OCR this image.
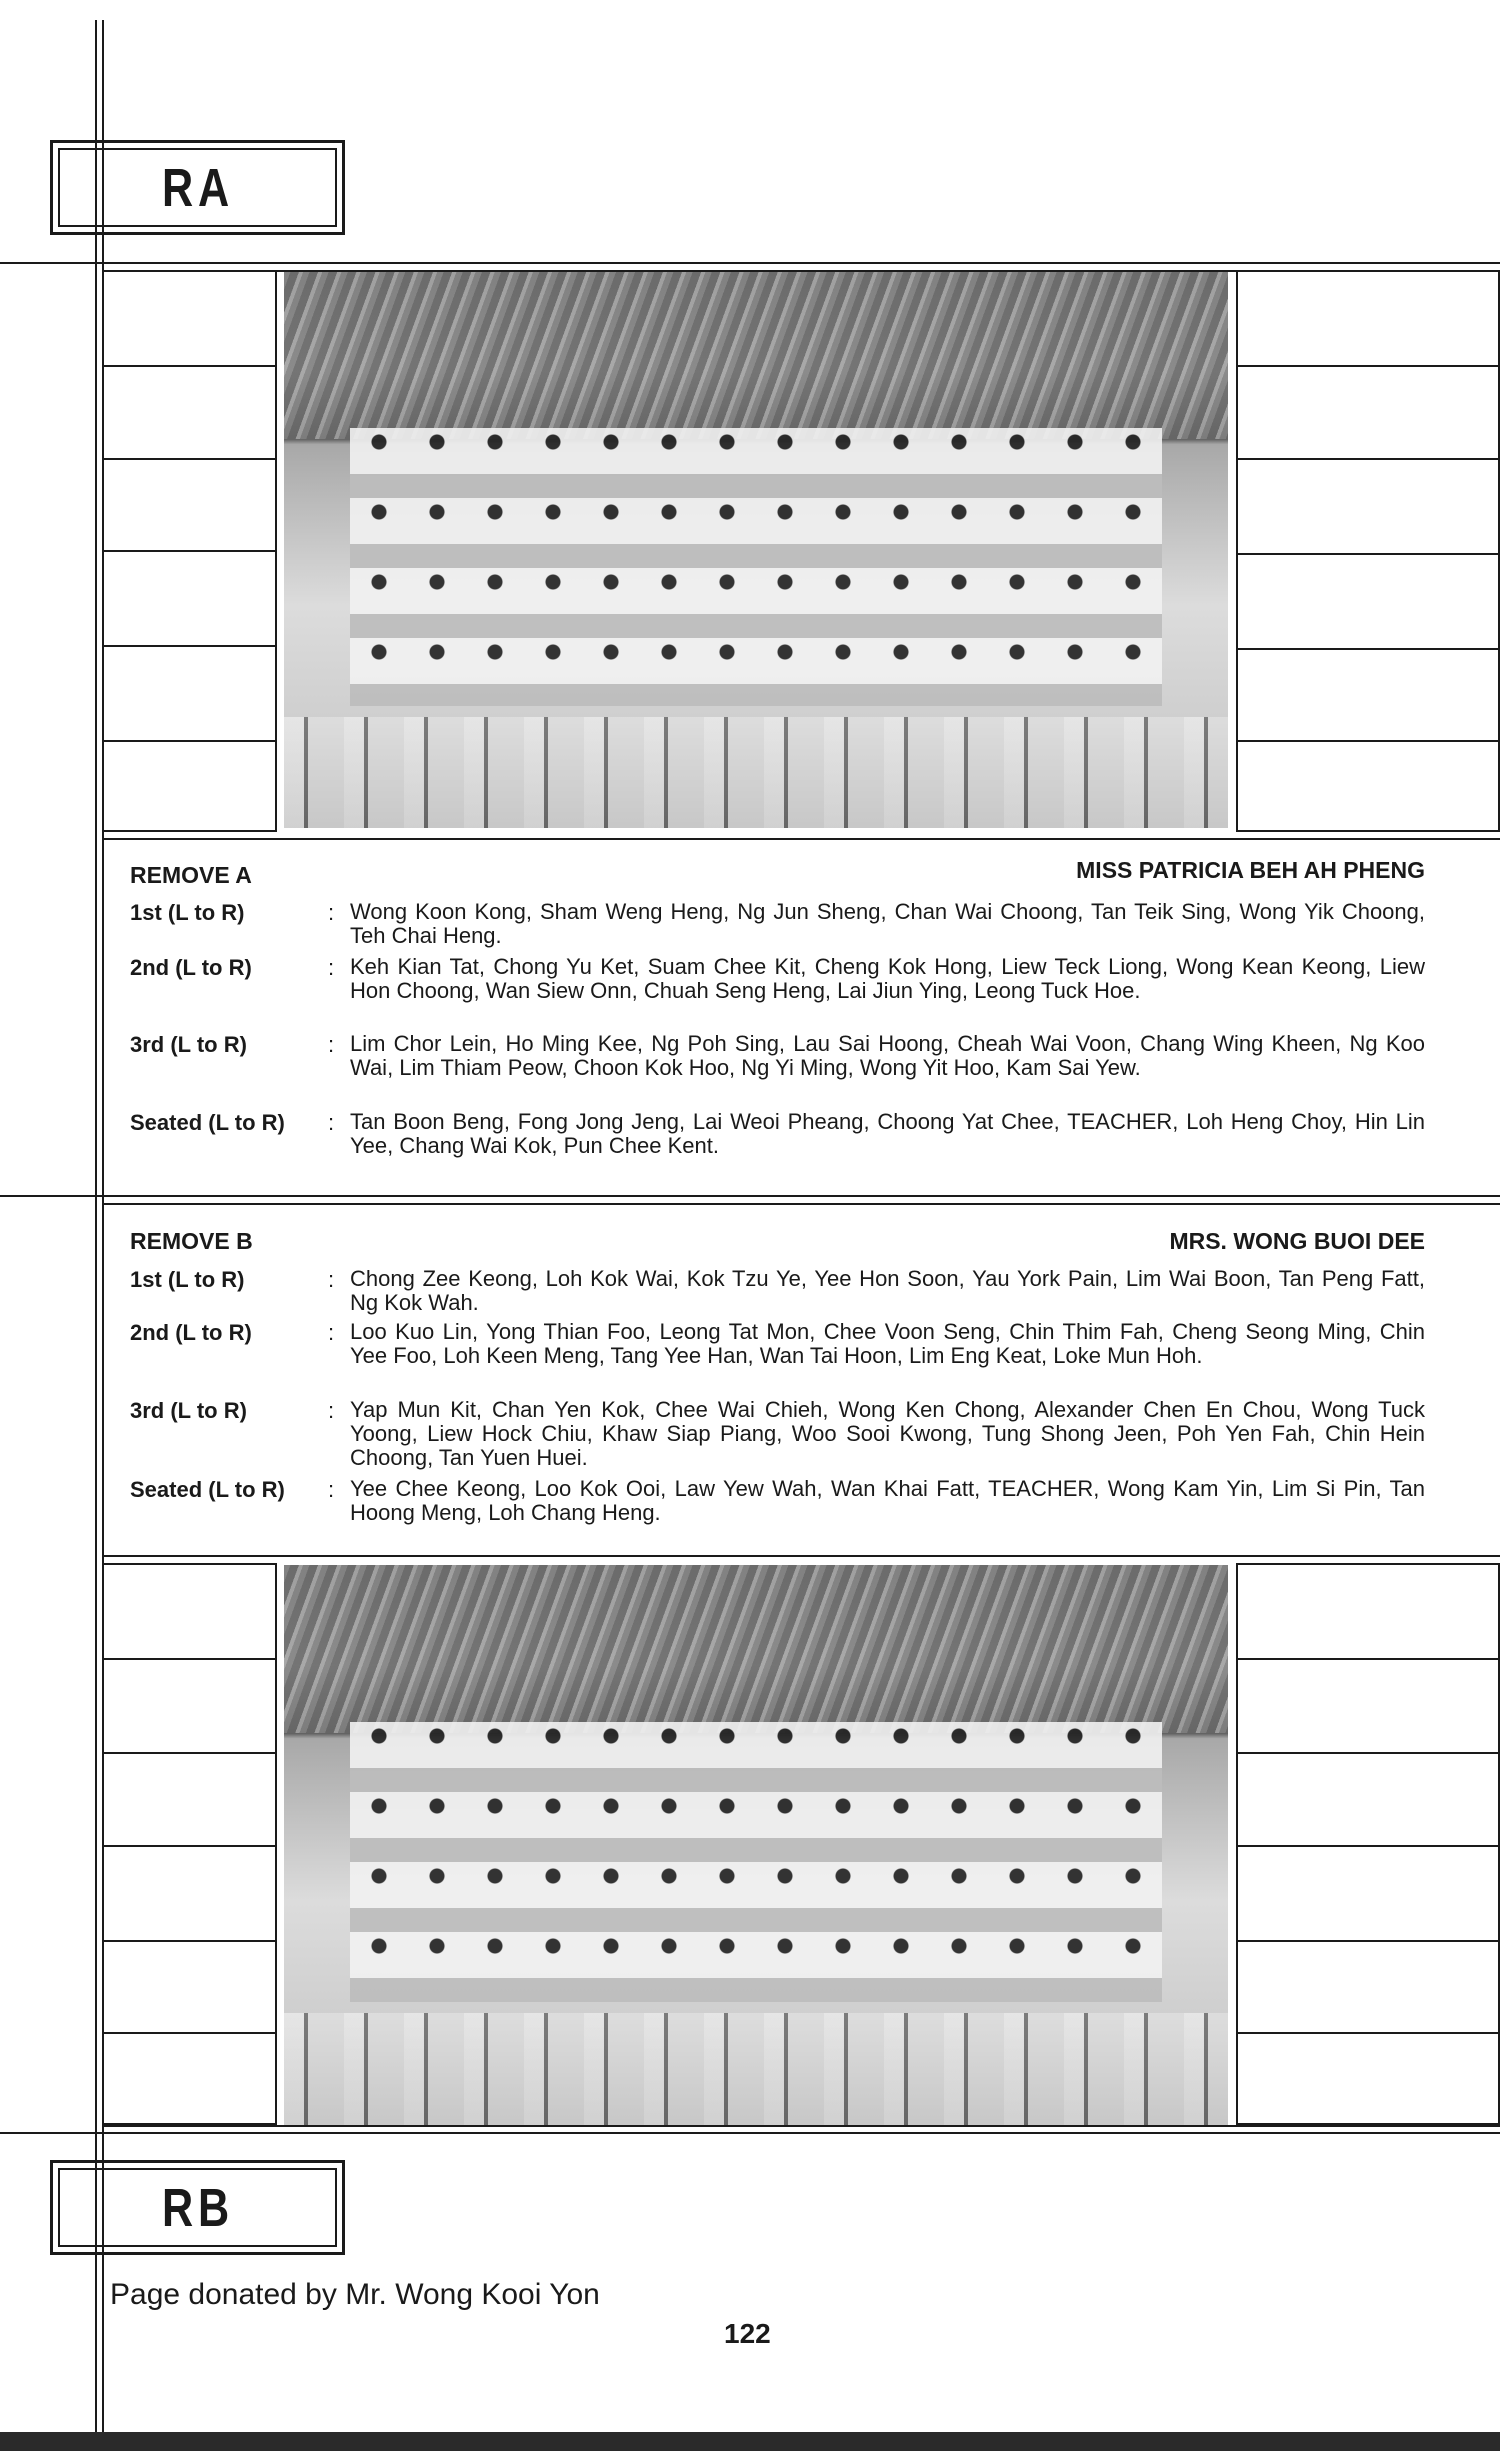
RA
REMOVE A	MISS PATRICIA BEH AH PHENG
1st (L to R)	: Wong Koon Kong, Sham Weng Heng, Ng Jun Sheng, Chan Wai Choong, Tan Teik Sing, Wong Yik Choong, Teh Chai Heng.
2nd (L to R)	: Keh Kian Tat, Chong Yu Ket, Suam Chee Kit, Cheng Kok Hong, Liew Teck Liong, Wong Kean Keong, Liew Hon Choong, Wan Siew Onn, Chuah Seng Heng, Lai Jiun Ying, Leong Tuck Hoe.
3rd (L to R)	: Lim Chor Lein, Ho Ming Kee, Ng Poh Sing, Lau Sai Hoong, Cheah Wai Voon, Chang Wing Kheen, Ng Koo Wai, Lim Thiam Peow, Choon Kok Hoo, Ng Yi Ming, Wong Yit Hoo, Kam Sai Yew.
Seated (L to R) : Tan Boon Beng, Fong Jong Jeng, Lai Weoi Pheang, Choong Yat Chee, TEACHER, Loh Heng Choy, Hin Lin Yee, Chang Wai Kok, Pun Chee Kent.
REMOVE B	MRS. WONG BUOI DEE
1st (L to R)	: Chong Zee Keong, Loh Kok Wai, Kok Tzu Ye, Yee Hon Soon, Yau York Pain, Lim Wai Boon, Tan Peng Fatt, Ng Kok Wah.
2nd (L to R)	: Loo Kuo Lin, Yong Thian Foo, Leong Tat Mon, Chee Voon Seng, Chin Thim Fah, Cheng Seong Ming, Chin Yee Foo, Loh Keen Meng, Tang Yee Han, Wan Tai Hoon, Lim Eng Keat, Loke Mun Hoh.
3rd (L to R)	: Yap Mun Kit, Chan Yen Kok, Chee Wai Chieh, Wong Ken Chong, Alexander Chen En Chou, Wong Tuck Yoong, Liew Hock Chiu, Khaw Siap Piang, Woo Sooi Kwong, Tung Shong Jeen, Poh Yen Fah, Chin Hein Choong, Tan Yuen Huei.
Seated (L to R) : Yee Chee Keong, Loo Kok Ooi, Law Yew Wah, Wan Khai Fatt, TEACHER, Wong Kam Yin, Lim Si Pin, Tan Hoong Meng, Loh Chang Heng.
RB
Page donated by Mr. Wong Kooi Yon
122
